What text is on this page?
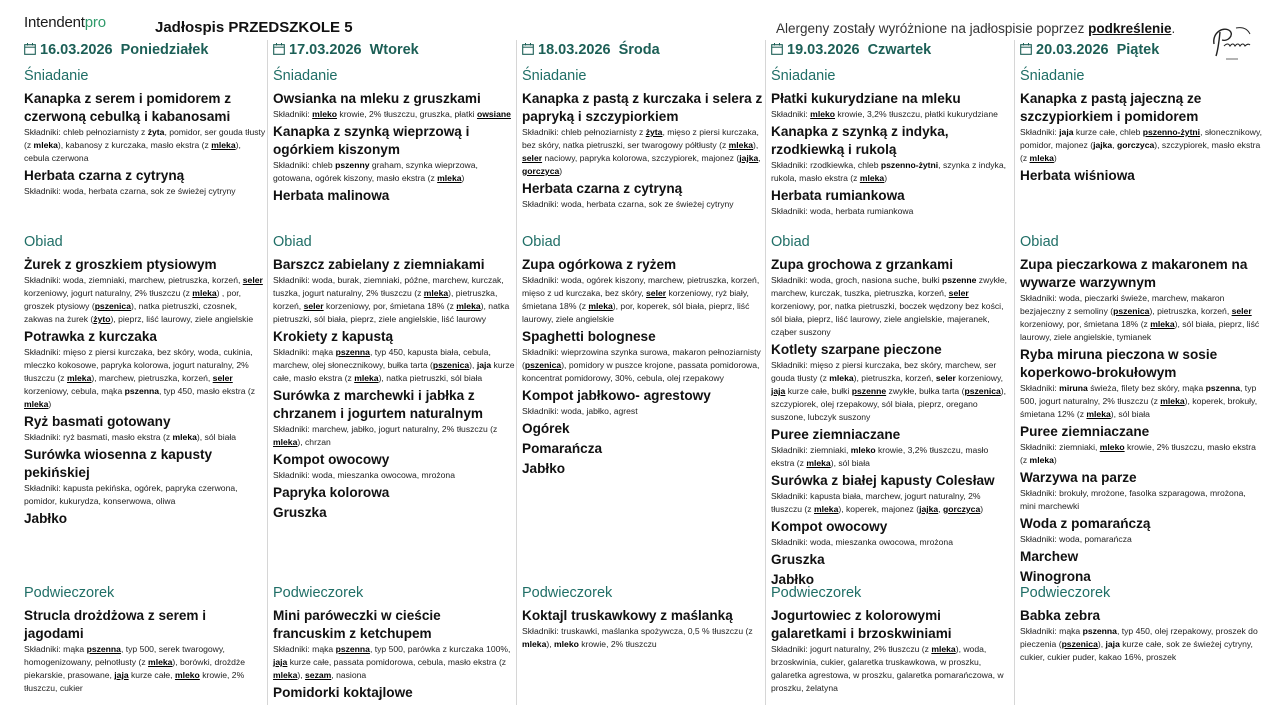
Intendentpro	Jadłospis PRZEDSZKOLE 5	Alergeny zostały wyróżnione na jadłospisie poprzez podkreślenie.
16.03.2026 Poniedziałek
Śniadanie
Kanapka z serem i pomidorem z czerwoną cebulką i kabanosami
Składniki: chleb pełnoziarnisty z żyta, pomidor, ser gouda tłusty (z mleka), kabanosy z kurczaka, masło ekstra (z mleka), cebula czerwona
Herbata czarna z cytryną
Składniki: woda, herbata czarna, sok ze świeżej cytryny
Obiad
Żurek z groszkiem ptysiowym
Składniki: woda, ziemniaki, marchew, pietruszka, korzeń, seler korzeniowy, jogurt naturalny, 2% tłuszczu (z mleka) , por, groszek ptysiowy (pszenica), natka pietruszki, czosnek, zakwas na żurek (żyto), pieprz, liść laurowy, ziele angielskie
Potrawka z kurczaka
Składniki: mięso z piersi kurczaka, bez skóry, woda, cukinia, mleczko kokosowe, papryka kolorowa, jogurt naturalny, 2% tłuszczu (z mleka), marchew, pietruszka, korzeń, seler korzeniowy, cebula, mąka pszenna, typ 450, masło ekstra (z mleka)
Ryż basmati gotowany
Składniki: ryż basmati, masło ekstra (z mleka), sól biała
Surówka wiosenna z kapusty pekińskiej
Składniki: kapusta pekińska, ogórek, papryka czerwona, pomidor, kukurydza, konserwowa, oliwa
Jabłko
Podwieczorek
Strucla drożdżowa z serem i jagodami
Składniki: mąka pszenna, typ 500, serek twarogowy, homogenizowany, pełnotłusty (z mleka), borówki, drożdże piekarskie, prasowane, jaja kurze całe, mleko krowie, 2% tłuszczu, cukier
17.03.2026 Wtorek
Śniadanie
Owsianka na mleku z gruszkami
Składniki: mleko krowie, 2% tłuszczu, gruszka, płatki owsiane
Kanapka z szynką wieprzową i ogórkiem kiszonym
Składniki: chleb pszenny graham, szynka wieprzowa, gotowana, ogórek kiszony, masło ekstra (z mleka)
Herbata malinowa
Obiad
Barszcz zabielany z ziemniakami
Składniki: woda, burak, ziemniaki, późne, marchew, kurczak, tuszka, jogurt naturalny, 2% tłuszczu (z mleka), pietruszka, korzeń, seler korzeniowy, por, śmietana 18% (z mleka), natka pietruszki, sól biała, pieprz, ziele angielskie, liść laurowy
Krokiety z kapustą
Składniki: mąka pszenna, typ 450, kapusta biała, cebula, marchew, olej słonecznikowy, bułka tarta (pszenica), jaja kurze całe, masło ekstra (z mleka), natka pietruszki, sól biała
Surówka z marchewki i jabłka z chrzanem i jogurtem naturalnym
Składniki: marchew, jabłko, jogurt naturalny, 2% tłuszczu (z mleka), chrzan
Kompot owocowy
Składniki: woda, mieszanka owocowa, mrożona
Papryka kolorowa
Gruszka
Podwieczorek
Mini paróweczki w cieście francuskim z ketchupem
Składniki: mąka pszenna, typ 500, parówka z kurczaka 100%, jaja kurze całe, passata pomidorowa, cebula, masło ekstra (z mleka), sezam, nasiona
Pomidorki koktajlowe
18.03.2026 Środa
Śniadanie
Kanapka z pastą z kurczaka i selera z papryką i szczypiorkiem
Składniki: chleb pełnoziarnisty z żyta, mięso z piersi kurczaka, bez skóry, natka pietruszki, ser twarogowy półtłusty (z mleka), seler naciowy, papryka kolorowa, szczypiorek, majonez (jajka, gorczyca)
Herbata czarna z cytryną
Składniki: woda, herbata czarna, sok ze świeżej cytryny
Obiad
Zupa ogórkowa z ryżem
Składniki: woda, ogórek kiszony, marchew, pietruszka, korzeń, mięso z ud kurczaka, bez skóry, seler korzeniowy, ryż biały, śmietana 18% (z mleka), por, koperek, sól biała, pieprz, liść laurowy, ziele angielskie
Spaghetti bolognese
Składniki: wieprzowina szynka surowa, makaron pełnoziarnisty (pszenica), pomidory w puszce krojone, passata pomidorowa, koncentrat pomidorowy, 30%, cebula, olej rzepakowy
Kompot jabłkowo- agrestowy
Składniki: woda, jabłko, agrest
Ogórek
Pomarańcza
Jabłko
Podwieczorek
Koktajl truskawkowy z maślanką
Składniki: truskawki, maślanka spożywcza, 0,5 % tłuszczu (z mleka), mleko krowie, 2% tłuszczu
19.03.2026 Czwartek
Śniadanie
Płatki kukurydziane na mleku
Składniki: mleko krowie, 3,2% tłuszczu, płatki kukurydziane
Kanapka z szynką z indyka, rzodkiewką i rukolą
Składniki: rzodkiewka, chleb pszenno-żytni, szynka z indyka, rukola, masło ekstra (z mleka)
Herbata rumiankowa
Składniki: woda, herbata rumiankowa
Obiad
Zupa grochowa z grzankami
Składniki: woda, groch, nasiona suche, bułki pszenne zwykłe, marchew, kurczak, tuszka, pietruszka, korzeń, seler korzeniowy, por, natka pietruszki, boczek wędzony bez kości, sól biała, pieprz, liść laurowy, ziele angielskie, majeranek, cząber suszony
Kotlety szarpane pieczone
Składniki: mięso z piersi kurczaka, bez skóry, marchew, ser gouda tłusty (z mleka), pietruszka, korzeń, seler korzeniowy, jaja kurze całe, bułki pszenne zwykłe, bułka tarta (pszenica), szczypiorek, olej rzepakowy, sól biała, pieprz, oregano suszone, lubczyk suszony
Puree ziemniaczane
Składniki: ziemniaki, mleko krowie, 3,2% tłuszczu, masło ekstra (z mleka), sól biała
Surówka z białej kapusty Colesław
Składniki: kapusta biała, marchew, jogurt naturalny, 2% tłuszczu (z mleka), koperek, majonez (jajka, gorczyca)
Kompot owocowy
Składniki: woda, mieszanka owocowa, mrożona
Gruszka
Jabłko
Podwieczorek
Jogurtowiec z kolorowymi galaretkami i brzoskwiniami
Składniki: jogurt naturalny, 2% tłuszczu (z mleka), woda, brzoskwinia, cukier, galaretka truskawkowa, w proszku, galaretka agrestowa, w proszku, galaretka pomarańczowa, w proszku, żelatyna
20.03.2026 Piątek
Śniadanie
Kanapka z pastą jajeczną ze szczypiorkiem i pomidorem
Składniki: jaja kurze całe, chleb pszenno-żytni, słonecznikowy, pomidor, majonez (jajka, gorczyca), szczypiorek, masło ekstra (z mleka)
Herbata wiśniowa
Obiad
Zupa pieczarkowa z makaronem na wywarze warzywnym
Składniki: woda, pieczarki świeże, marchew, makaron bezjajeczny z semoliny (pszenica), pietruszka, korzeń, seler korzeniowy, por, śmietana 18% (z mleka), sól biała, pieprz, liść laurowy, ziele angielskie, tymianek
Ryba miruna pieczona w sosie koperkowo-brokułowym
Składniki: miruna świeża, filety bez skóry, mąka pszenna, typ 500, jogurt naturalny, 2% tłuszczu (z mleka), koperek, brokuły, śmietana 12% (z mleka), sól biała
Puree ziemniaczane
Składniki: ziemniaki, mleko krowie, 2% tłuszczu, masło ekstra (z mleka)
Warzywa na parze
Składniki: brokuły, mrożone, fasolka szparagowa, mrożona, mini marchewki
Woda z pomarańczą
Składniki: woda, pomarańcza
Marchew
Winogrona
Podwieczorek
Babka zebra
Składniki: mąka pszenna, typ 450, olej rzepakowy, proszek do pieczenia (pszenica), jaja kurze całe, sok ze świeżej cytryny, cukier, cukier puder, kakao 16%, proszek
